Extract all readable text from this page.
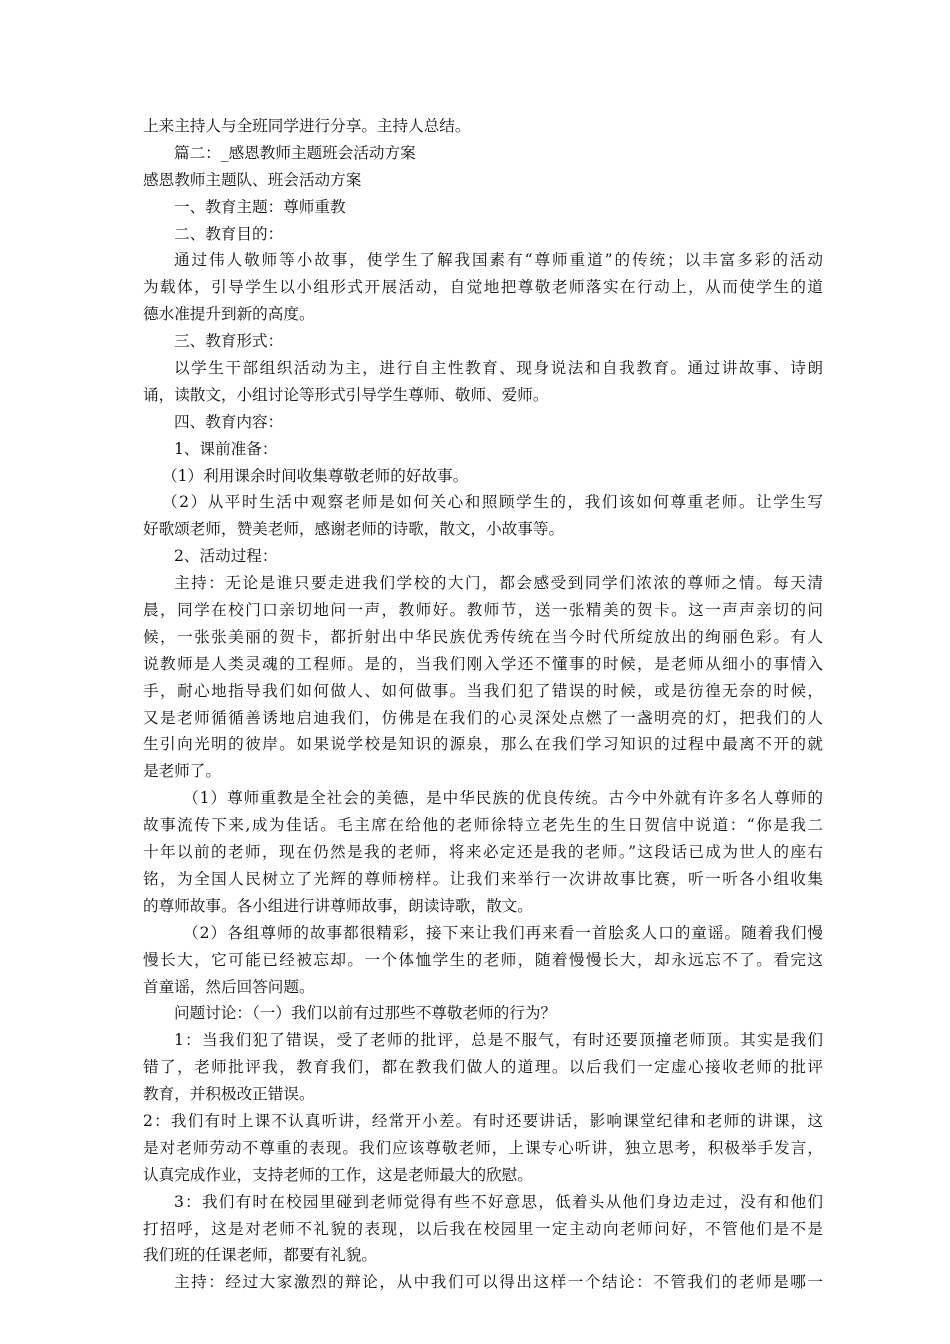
上来主持人与全班同学进行分享。主持人总结。
篇二：_感恩教师主题班会活动方案
感恩教师主题队、班会活动方案
一、教育主题：尊师重教
二、教育目的：
通过伟人敬师等小故事，使学生了解我国素有“尊师重道”的传统；以丰富多彩的活动
为载体，引导学生以小组形式开展活动，自觉地把尊敬老师落实在行动上，从而使学生的道
德水准提升到新的高度。
三、教育形式：
以学生干部组织活动为主，进行自主性教育、现身说法和自我教育。通过讲故事、诗朗
诵，读散文，小组讨论等形式引导学生尊师、敬师、爱师。
四、教育内容：
1、课前准备：
（1）利用课余时间收集尊敬老师的好故事。
（2）从平时生活中观察老师是如何关心和照顾学生的，我们该如何尊重老师。让学生写
好歌颂老师，赞美老师，感谢老师的诗歌，散文，小故事等。
2、活动过程：
主持：无论是谁只要走进我们学校的大门，都会感受到同学们浓浓的尊师之情。每天清
晨，同学在校门口亲切地问一声，教师好。教师节，送一张精美的贺卡。这一声声亲切的问
候，一张张美丽的贺卡，都折射出中华民族优秀传统在当今时代所绽放出的绚丽色彩。有人
说教师是人类灵魂的工程师。是的，当我们刚入学还不懂事的时候，是老师从细小的事情入
手，耐心地指导我们如何做人、如何做事。当我们犯了错误的时候，或是彷徨无奈的时候，
又是老师循循善诱地启迪我们，仿佛是在我们的心灵深处点燃了一盏明亮的灯，把我们的人
生引向光明的彼岸。如果说学校是知识的源泉，那么在我们学习知识的过程中最离不开的就
是老师了。
（1）尊师重教是全社会的美德，是中华民族的优良传统。古今中外就有许多名人尊师的
故事流传下来,成为佳话。毛主席在给他的老师徐特立老先生的生日贺信中说道：“你是我二
十年以前的老师，现在仍然是我的老师，将来必定还是我的老师。”这段话已成为世人的座右
铭，为全国人民树立了光辉的尊师榜样。让我们来举行一次讲故事比赛，听一听各小组收集
的尊师故事。各小组进行讲尊师故事，朗读诗歌，散文。
（2）各组尊师的故事都很精彩，接下来让我们再来看一首脍炙人口的童谣。随着我们慢
慢长大，它可能已经被忘却。一个体恤学生的老师，随着慢慢长大，却永远忘不了。看完这
首童谣，然后回答问题。
问题讨论：（一）我们以前有过那些不尊敬老师的行为？
1：当我们犯了错误，受了老师的批评，总是不服气，有时还要顶撞老师顶。其实是我们
错了，老师批评我，教育我们，都在教我们做人的道理。以后我们一定虚心接收老师的批评
教育，并积极改正错误。
2：我们有时上课不认真听讲，经常开小差。有时还要讲话，影响课堂纪律和老师的讲课，这
是对老师劳动不尊重的表现。我们应该尊敬老师，上课专心听讲，独立思考，积极举手发言，
认真完成作业，支持老师的工作，这是老师最大的欣慰。
3：我们有时在校园里碰到老师觉得有些不好意思，低着头从他们身边走过，没有和他们
打招呼，这是对老师不礼貌的表现，以后我在校园里一定主动向老师问好，不管他们是不是
我们班的任课老师，都要有礼貌。
主持：经过大家激烈的辩论，从中我们可以得出这样一个结论：不管我们的老师是哪一
